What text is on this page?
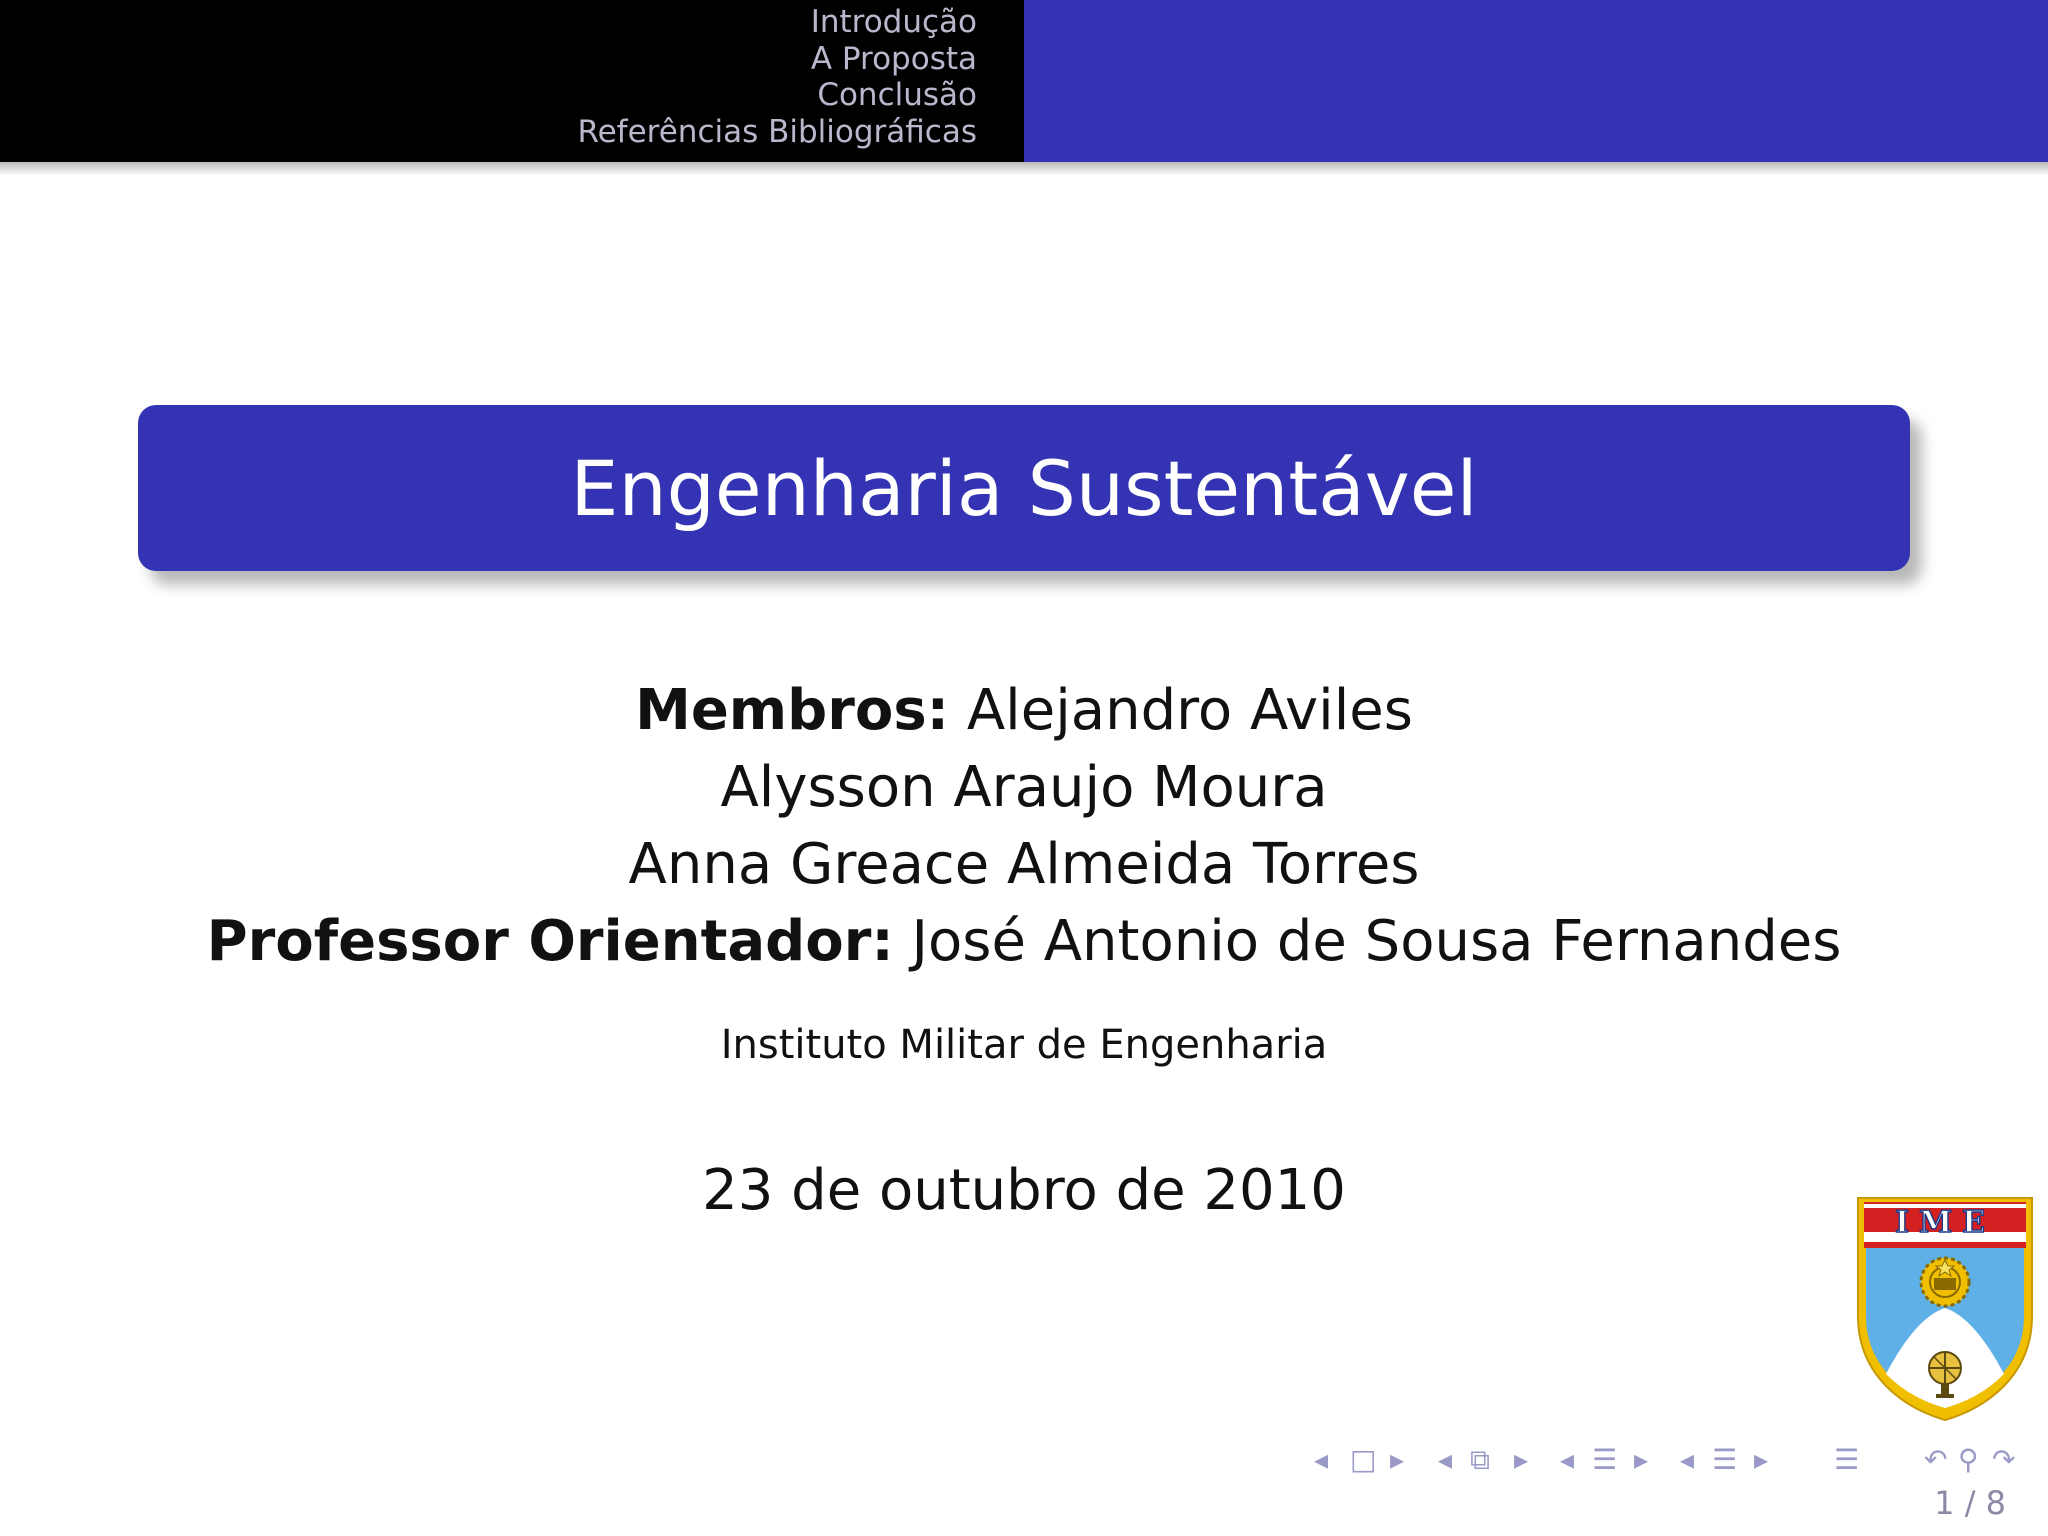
Introdução
A Proposta
Conclusão
Referências Bibliográficas
Engenharia Sustentável
Membros: Alejandro Aviles
Alysson Araujo Moura
Anna Greace Almeida Torres
Professor Orientador: José Antonio de Sousa Fernandes
Instituto Militar de Engenharia
23 de outubro de 2010	IME
◂ □ ▸ ◂ ⧉ ▸ ◂ ☰ ▸ ◂ ☰ ▸ ☰ ↶ ⚲ ↷
1 / 8
